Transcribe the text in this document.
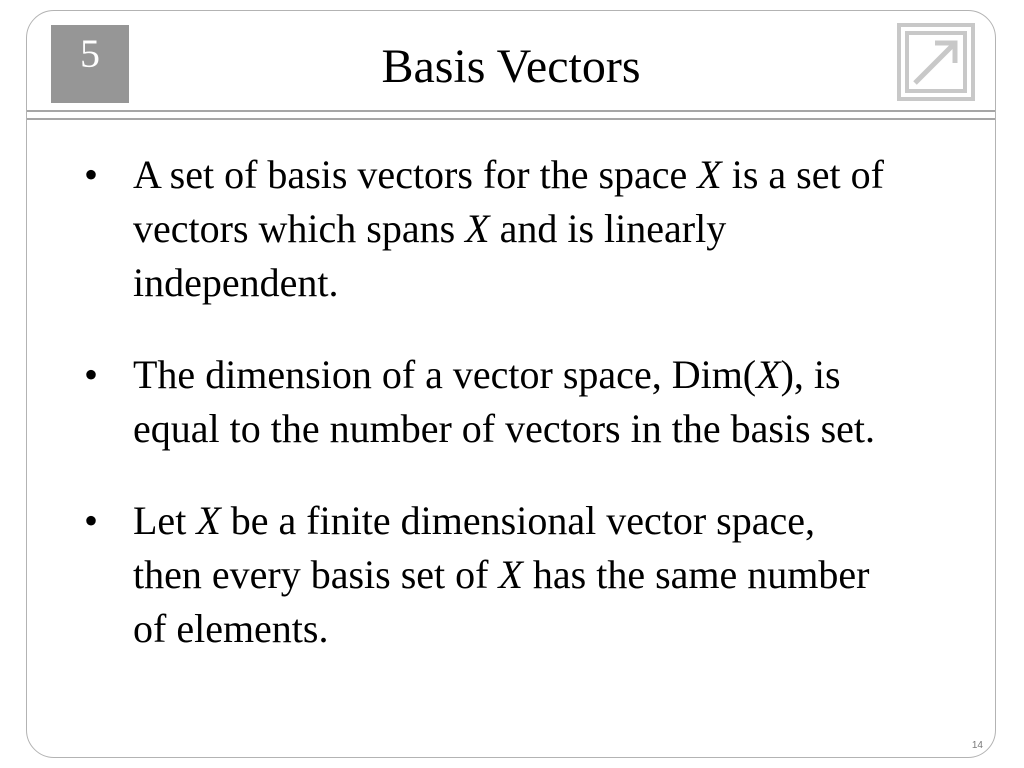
5	Basis Vectors
14
• A set of basis vectors for the space X is a set of vectors which spans X and is linearly independent.
• The dimension of a vector space, Dim(X), is equal to the number of vectors in the basis set.
• Let X be a finite dimensional vector space, then every basis set of X has the same number of elements.
